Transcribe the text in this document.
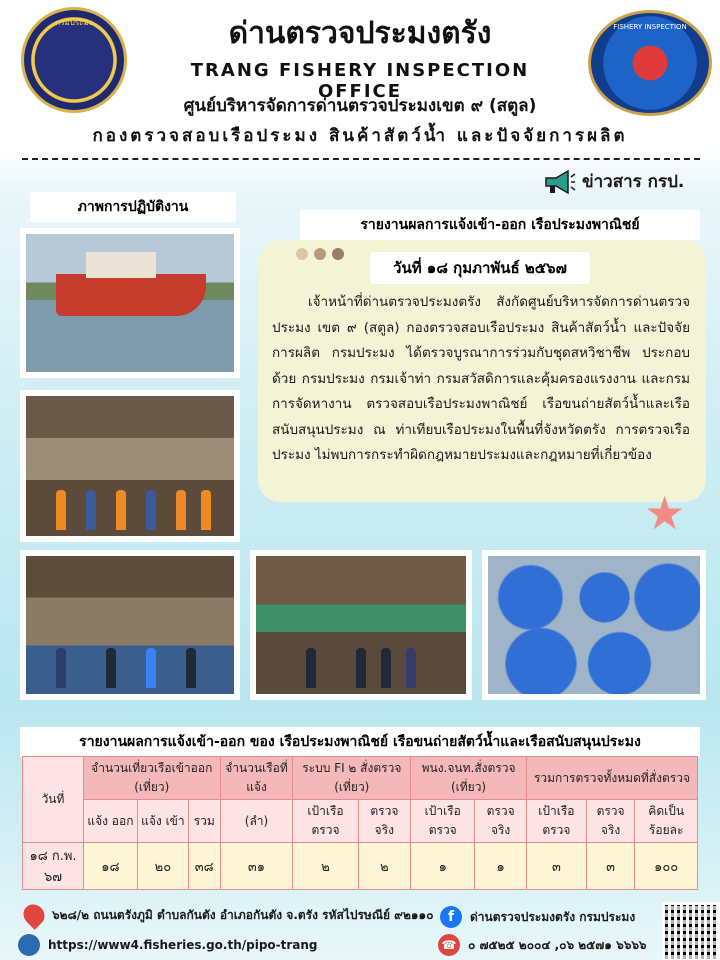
กรมประมง	FISHERY INSPECTION
ด่านตรวจประมงตรัง
TRANG FISHERY INSPECTION OFFICE
ศูนย์บริหารจัดการด่านตรวจประมงเขต ๙ (สตูล)
กองตรวจสอบเรือประมง สินค้าสัตว์น้ำ และปัจจัยการผลิต
ข่าวสาร กรป.
ภาพการปฏิบัติงาน
รายงานผลการแจ้งเข้า-ออก เรือประมงพาณิชย์
วันที่ ๑๘ กุมภาพันธ์ ๒๕๖๗
เจ้าหน้าที่ด่านตรวจประมงตรัง สังกัดศูนย์บริหารจัดการด่านตรวจประมง เขต ๙ (สตูล) กองตรวจสอบเรือประมง สินค้าสัตว์น้ำ และปัจจัยการผลิต กรมประมง ได้ตรวจบูรณาการร่วมกับชุดสหวิชาชีพ ประกอบด้วย กรมประมง กรมเจ้าท่า กรมสวัสดิการและคุ้มครองแรงงาน และกรมการจัดหางาน ตรวจสอบเรือประมงพาณิชย์ เรือขนถ่ายสัตว์น้ำและเรือสนับสนุนประมง ณ ท่าเทียบเรือประมงในพื้นที่จังหวัดตรัง การตรวจเรือประมง ไม่พบการกระทำผิดกฎหมายประมงและกฎหมายที่เกี่ยวข้อง
★
รายงานผลการแจ้งเข้า-ออก ของ เรือประมงพาณิชย์ เรือขนถ่ายสัตว์น้ำและเรือสนับสนุนประมง
วันที่	จำนวนเที่ยวเรือเข้าออก (เที่ยว)			จำนวนเรือที่แจ้ง	ระบบ FI ๒ สั่งตรวจ (เที่ยว)		พนง.จนท.สั่งตรวจ (เที่ยว)		รวมการตรวจทั้งหมดที่สั่งตรวจ		
	แจ้ง ออก	แจ้ง เข้า	รวม	(ลำ)	เป้าเรือ ตรวจ	ตรวจ จริง	เป้าเรือ ตรวจ	ตรวจ จริง	เป้าเรือ ตรวจ	ตรวจ จริง	คิดเป็น ร้อยละ
๑๘ ก.พ. ๖๗	๑๘	๒๐	๓๘	๓๑	๒	๒	๑	๑	๓	๓	๑๐๐
๖๒๘/๒ ถนนตรังภูมิ ตำบลกันตัง อำเภอกันตัง จ.ตรัง รหัสไปรษณีย์ ๙๒๑๑๐	f	ด่านตรวจประมงตรัง กรมประมง
https://www4.fisheries.go.th/pipo-trang	☎ ๐ ๗๕๒๕ ๒๐๐๔ ,๐๖ ๒๕๗๑ ๖๖๖๖
